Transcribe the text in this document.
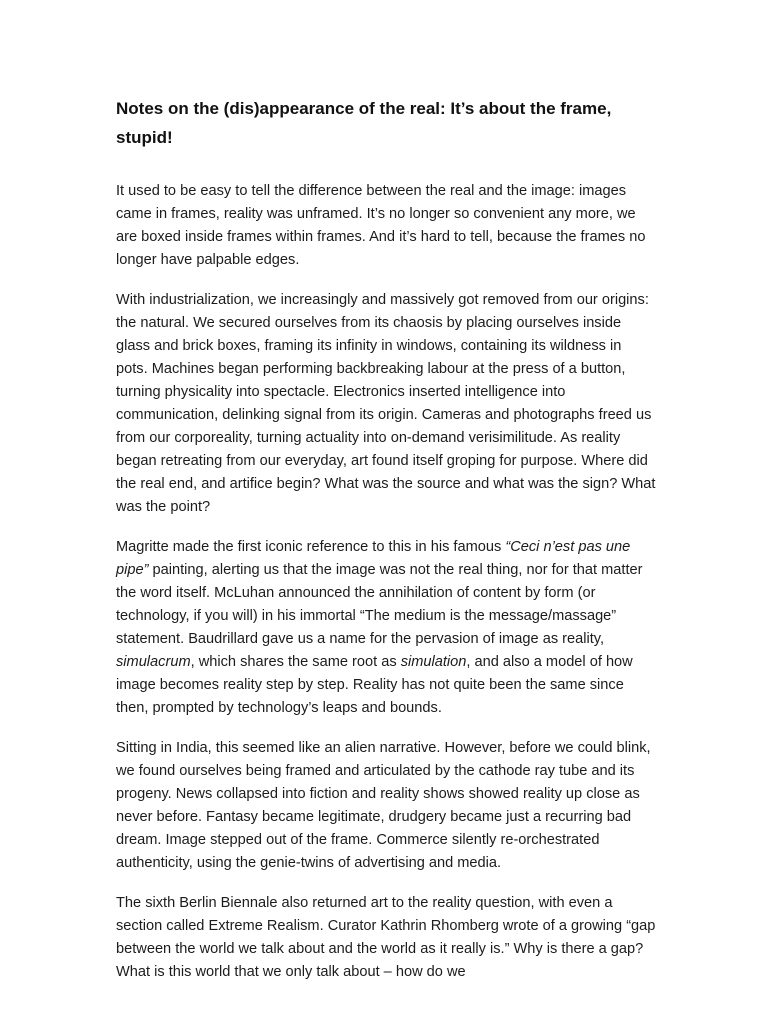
Notes on the (dis)appearance of the real: It’s about the frame, stupid!

It used to be easy to tell the difference between the real and the image: images came in frames, reality was unframed. It’s no longer so convenient any more, we are boxed inside frames within frames. And it’s hard to tell, because the frames no longer have palpable edges.

With industrialization, we increasingly and massively got removed from our origins: the natural. We secured ourselves from its chaosis by placing ourselves inside glass and brick boxes, framing its infinity in windows, containing its wildness in pots. Machines began performing backbreaking labour at the press of a button, turning physicality into spectacle. Electronics inserted intelligence into communication, delinking signal from its origin. Cameras and photographs freed us from our corporeality, turning actuality into on-demand verisimilitude. As reality began retreating from our everyday, art found itself groping for purpose. Where did the real end, and artifice begin? What was the source and what was the sign? What was the point?

Magritte made the first iconic reference to this in his famous “Ceci n’est pas une pipe” painting, alerting us that the image was not the real thing, nor for that matter the word itself. McLuhan announced the annihilation of content by form (or technology, if you will) in his immortal “The medium is the message/massage” statement. Baudrillard gave us a name for the pervasion of image as reality, simulacrum, which shares the same root as simulation, and also a model of how image becomes reality step by step. Reality has not quite been the same since then, prompted by technology’s leaps and bounds.

Sitting in India, this seemed like an alien narrative. However, before we could blink, we found ourselves being framed and articulated by the cathode ray tube and its progeny. News collapsed into fiction and reality shows showed reality up close as never before. Fantasy became legitimate, drudgery became just a recurring bad dream. Image stepped out of the frame. Commerce silently re-orchestrated authenticity, using the genie-twins of advertising and media.

The sixth Berlin Biennale also returned art to the reality question, with even a section called Extreme Realism. Curator Kathrin Rhomberg wrote of a growing “gap between the world we talk about and the world as it really is.” Why is there a gap? What is this world that we only talk about – how do we
